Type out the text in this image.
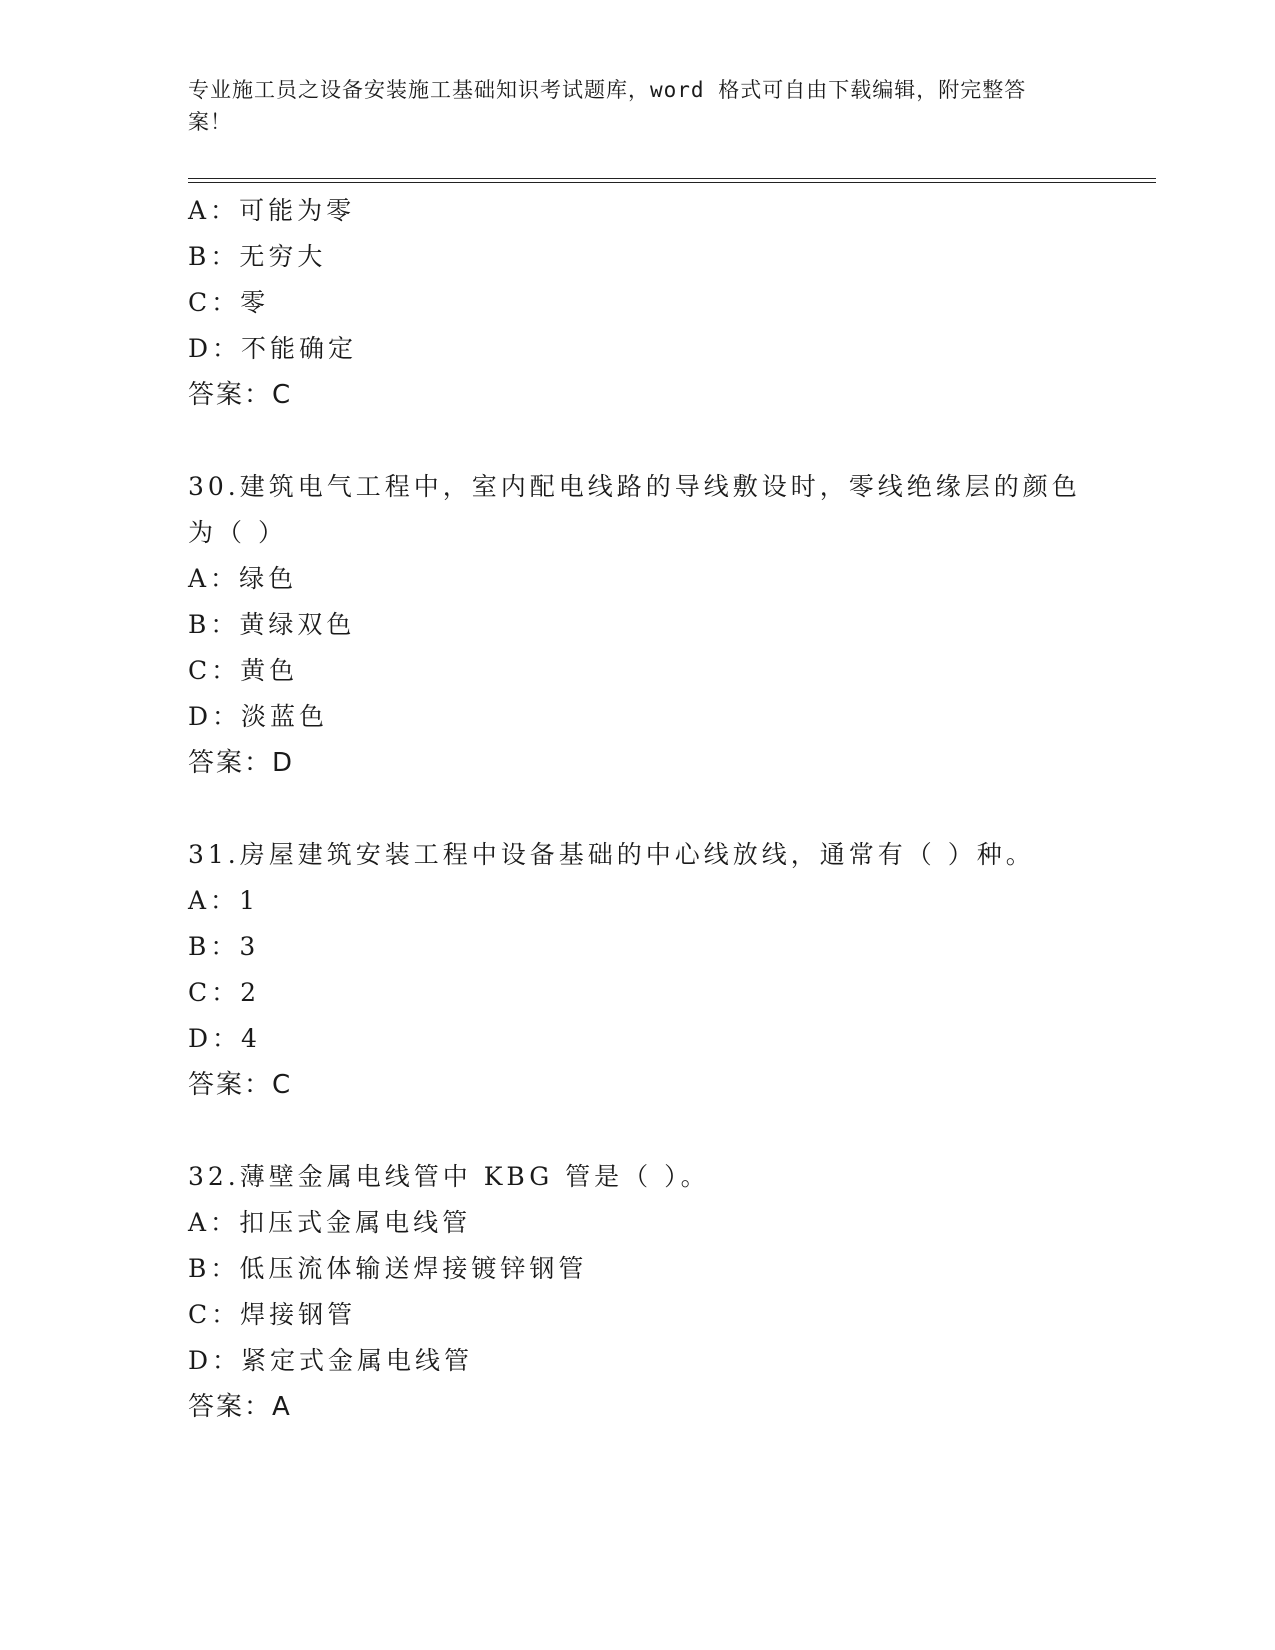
专业施工员之设备安装施工基础知识考试题库，word 格式可自由下载编辑，附完整答案！
A：可能为零
B：无穷大
C：零
D：不能确定
答案：C
30.建筑电气工程中，室内配电线路的导线敷设时，零线绝缘层的颜色
为（ ）
A：绿色
B：黄绿双色
C：黄色
D：淡蓝色
答案：D
31.房屋建筑安装工程中设备基础的中心线放线，通常有（ ）种。
A：1
B：3
C：2
D：4
答案：C
32.薄壁金属电线管中 KBG 管是（ ）。
A：扣压式金属电线管
B：低压流体输送焊接镀锌钢管
C：焊接钢管
D：紧定式金属电线管
答案：A
